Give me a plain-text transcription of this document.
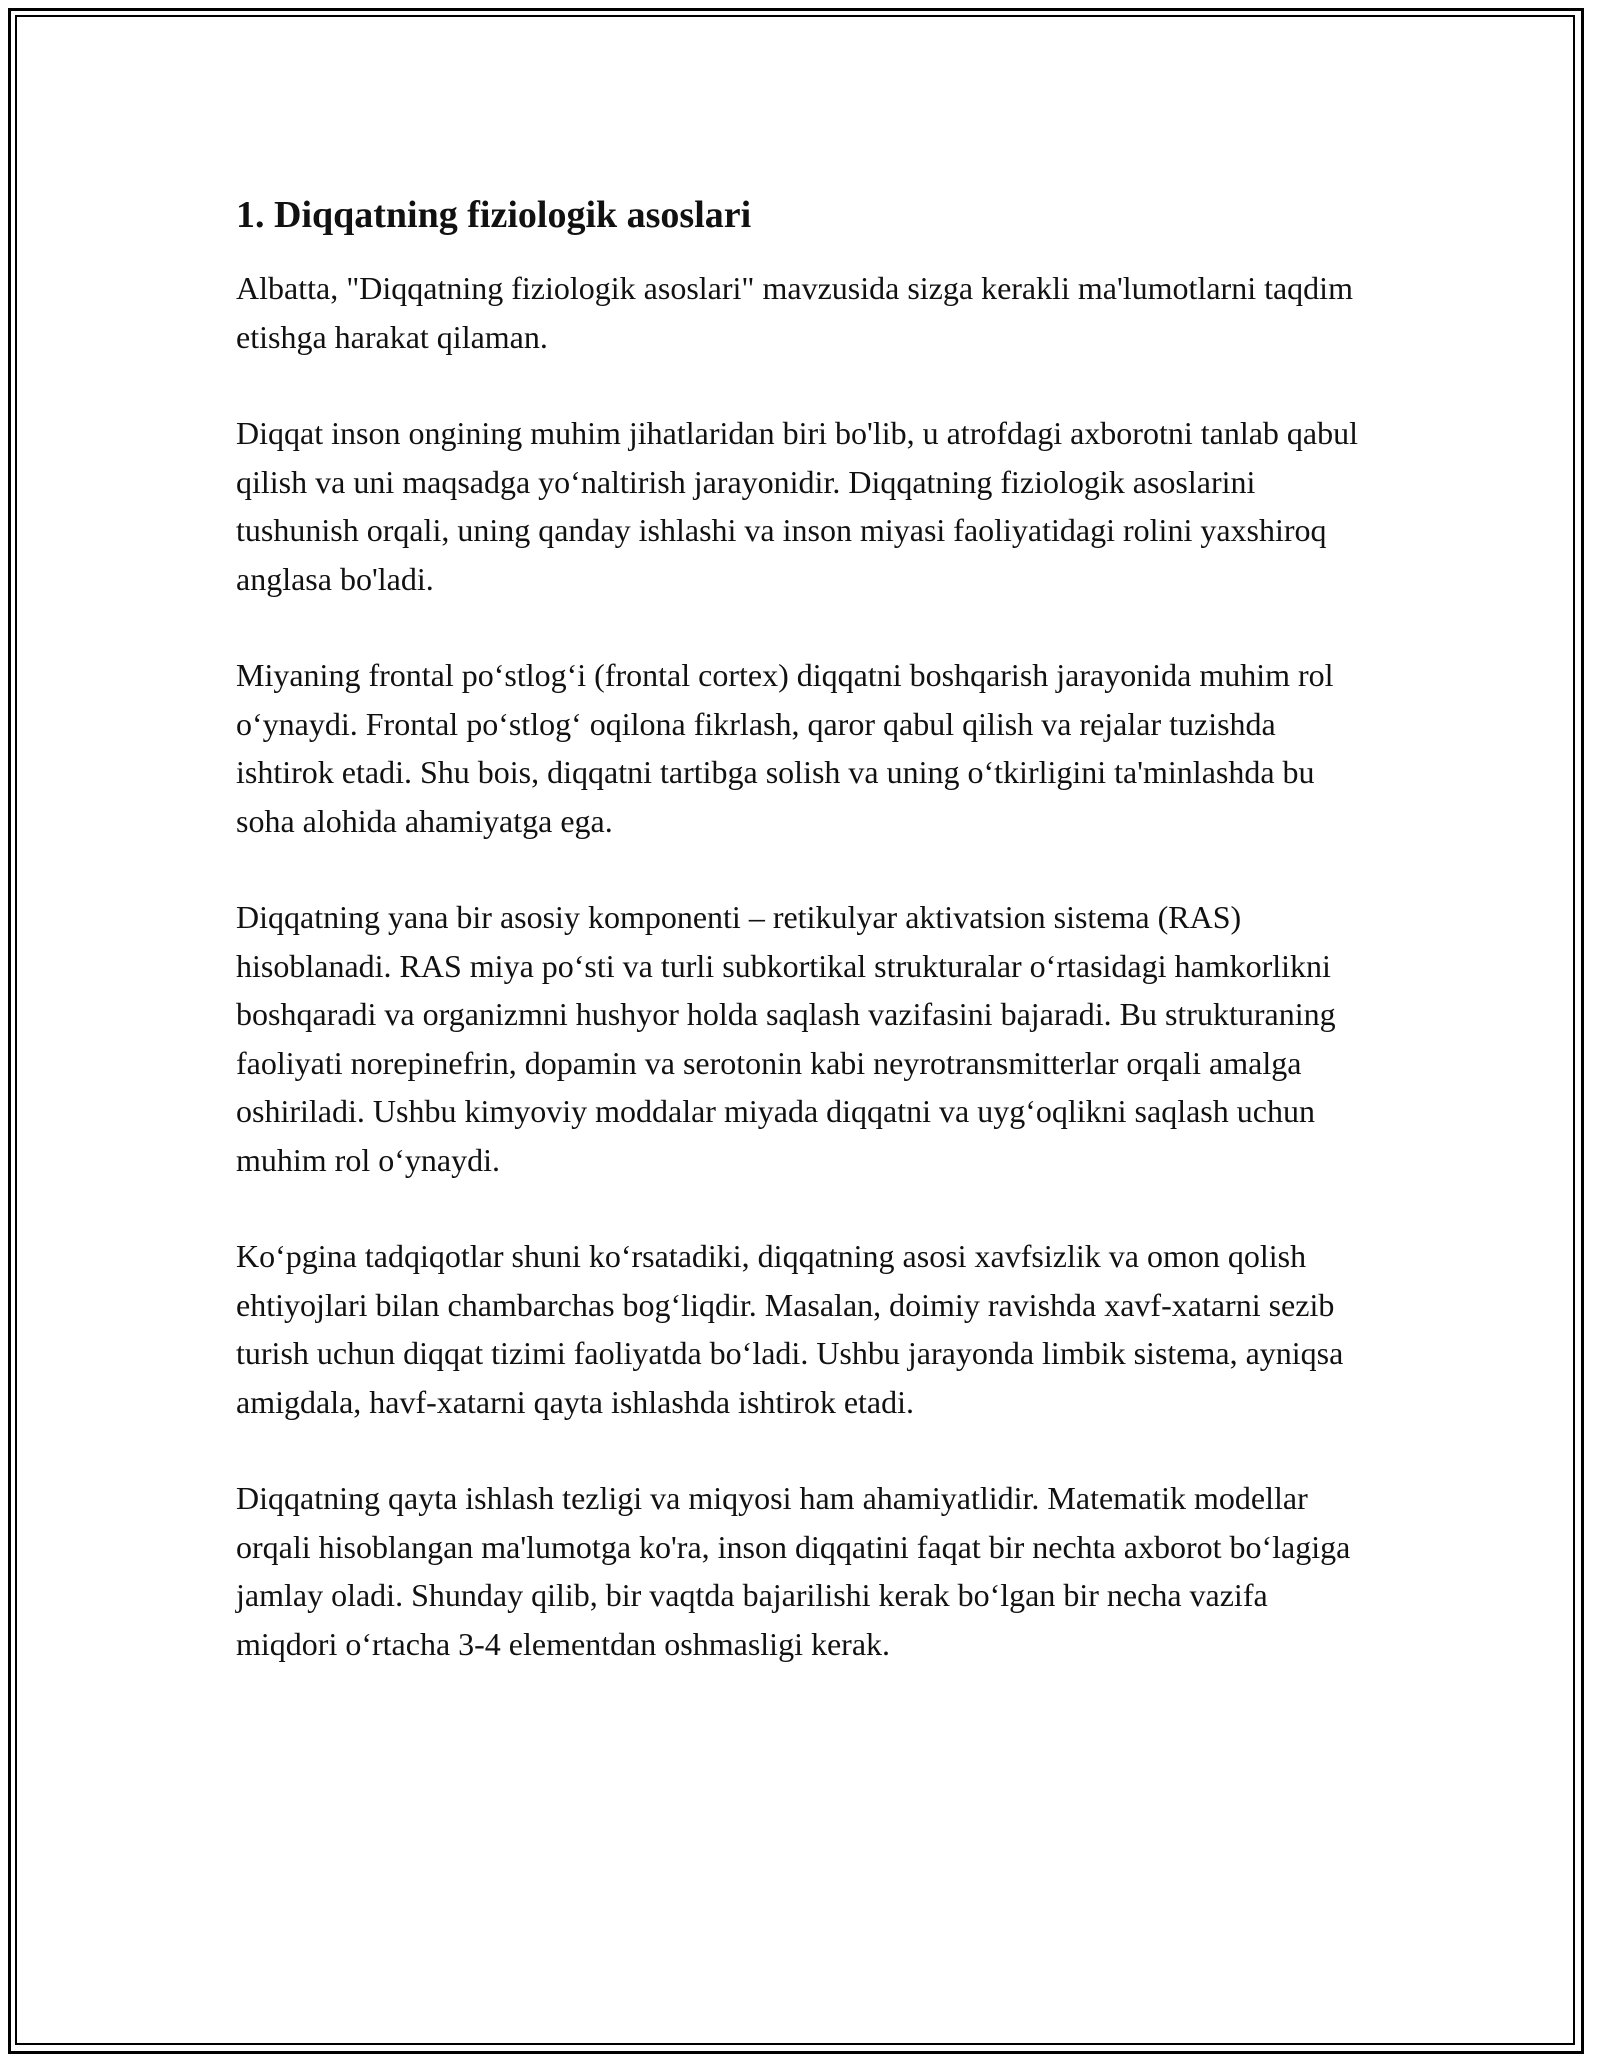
1. Diqqatning fiziologik asoslari

Albatta, "Diqqatning fiziologik asoslari" mavzusida sizga kerakli ma'lumotlarni taqdim etishga harakat qilaman.

Diqqat inson ongining muhim jihatlaridan biri bo'lib, u atrofdagi axborotni tanlab qabul qilish va uni maqsadga yo‘naltirish jarayonidir. Diqqatning fiziologik asoslarini tushunish orqali, uning qanday ishlashi va inson miyasi faoliyatidagi rolini yaxshiroq anglasa bo'ladi.

Miyaning frontal po‘stlog‘i (frontal cortex) diqqatni boshqarish jarayonida muhim rol o‘ynaydi. Frontal po‘stlog‘ oqilona fikrlash, qaror qabul qilish va rejalar tuzishda ishtirok etadi. Shu bois, diqqatni tartibga solish va uning o‘tkirligini ta'minlashda bu soha alohida ahamiyatga ega.

Diqqatning yana bir asosiy komponenti – retikulyar aktivatsion sistema (RAS) hisoblanadi. RAS miya po‘sti va turli subkortikal strukturalar o‘rtasidagi hamkorlikni boshqaradi va organizmni hushyor holda saqlash vazifasini bajaradi. Bu strukturaning faoliyati norepinefrin, dopamin va serotonin kabi neyrotransmitterlar orqali amalga oshiriladi. Ushbu kimyoviy moddalar miyada diqqatni va uyg‘oqlikni saqlash uchun muhim rol o‘ynaydi.

Ko‘pgina tadqiqotlar shuni ko‘rsatadiki, diqqatning asosi xavfsizlik va omon qolish ehtiyojlari bilan chambarchas bog‘liqdir. Masalan, doimiy ravishda xavf-xatarni sezib turish uchun diqqat tizimi faoliyatda bo‘ladi. Ushbu jarayonda limbik sistema, ayniqsa amigdala, havf-xatarni qayta ishlashda ishtirok etadi.

Diqqatning qayta ishlash tezligi va miqyosi ham ahamiyatlidir. Matematik modellar orqali hisoblangan ma'lumotga ko'ra, inson diqqatini faqat bir nechta axborot bo‘lagiga jamlay oladi. Shunday qilib, bir vaqtda bajarilishi kerak bo‘lgan bir necha vazifa miqdori o‘rtacha 3-4 elementdan oshmasligi kerak.
